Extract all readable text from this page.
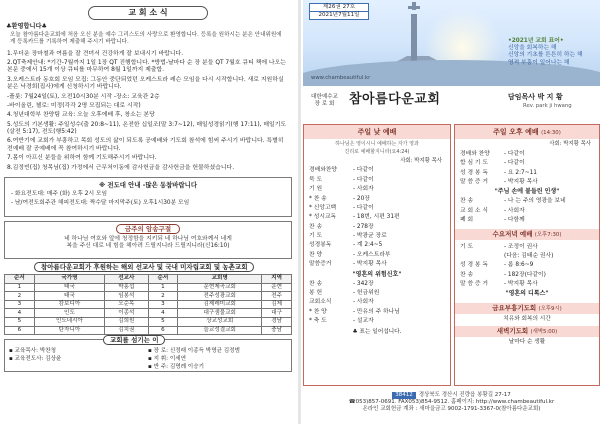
교 회 소 식
♣환영합니다♣
오늘 참아름다운교회에 처음 오신 분을 예수 그리스도의 사랑으로 환영합니다. 등록을 원하시는 분은 안내위원에게 등록카드를 기록하여 제출해 주시기 바랍니다.
1.무더운 장마철과 여름을 잘 견뎌서 건강하게 잘 보내시기 바랍니다.
2.QT축제안내: *기간-7월까지 1일 1장 QT 진행합니다. *방법-날마다 순 장 분들 QT 7월호 큐티 책에 나오는 본문 중에서 15개 이상 큐티를 마무하여 8월 1일까지 제출합.
3.오케스트라 동호회 모임 모집: 그동안 중단되었던 오케스트라 레슨 모임을 다시 시작합니다. 새로 지원하실 분은 낙경희(집사)에게 신청하시기 바랍니다.
-플룻: 7월24일(토), 오전10시30분 시작 -장소: 교육관 2층
-바이올린, 첼로: 미정(각각 2명 모집되는 대로 시작)
4.청년대학부 찬양팀 교육: 오늘 오후에배 후, 창소는 본당
5.성도의 기본생활: 주일성수(출 20:8~11), 온전한 십일조(말 3:7~12), 매일성경읽기(행 17:11), 매일기도(살전 5:17), 전도(행5:42)
6.여반기에 교회가 부흥하고 목회 성도의 삶이 되도록 공예배와 기도회 참석에 힘써 주시기 바랍니다. 특별히 전예배 잘 공예배에 꼭 참여하시기 바랍니다.
7.몸이 아프신 분들을 위하여 함께 기도해주시기 바랍니다.
8.김정빈(집) 청목님(집) 가정에서 근무처이동에 감사헌금을 감사헌금을 헌물하셨습니다.
※ 전도대 안내 -많은 동참바랍니다
- 화요전도대: 매주 (화) 오후 2시 모임
- 남/여전도회주관 해피전도대: 짝수달 마지막주(토) 오후1시30분 모임
금주의 암송구절

네 하나님 여호와 앞에 청정함을 지키되 네 하나님 여호와께서 네게

복을 주신 대로 네 힘을 헤아려 드릴지니라 드릴지니라(신16:10)

참아름다운교회가 후원하는 해외 선교사 및 국내 미자립교회 및 농촌교회
순서	국가명	선교사	순서	교회명	지역
1	태국	박홍섭	1	운현제곡교회	운현
2	태국	임봉석	2	전주성광교회	전주
3	캄보디아	오순목	3	김제레미교회	김제
4	인도	이종석	4	대구샘물교회	대구
5	인도네시아	김희원	5	상교성교회	경남
6	탄자니아	김치권	6	늘교성결교회	충남
교회를 섬기는 이
▪ 교육목사: 박찬청
▪ 교육전도사: 김상윤
▪ 장 로: 신정래 이종득 박명균 김정범
▪ 지 휘: 이세연
▪ 반 주: 김명례 이승기
제26권 27호
2021년7월11일
•2021년 교회 표어•
신앙을 회복하는 해
신앙의 기초를 튼튼히 하는 해
영적 부흥이 일어나는 해
www.chambeautiful.kr
대한예수교
장 로 회 참아름다운교회	담임목사 박 지 황
Rev. park ji hwang
주일 낮 예배
하나님은 영이시니 예배하는 자가 영과
진리로 예배할지니라(요4:24)
사회: 박지황 목사
경배와찬양	- 다같이
묵 도	- 다같이
기 원	- 사회자
* 찬 송	- 20장
* 신앙고백	- 다같이
* 성시교독	- 18번, 시편 31편
찬 송	- 278장
기 도	- 박광균 장로
성경봉독	- 계 2:4~5
찬 양	- 오케스트라부
말씀증거	- 박지황 목사
"영혼의 위험신호"
찬 송	- 342장
봉 헌	- 헌금위원
교회소식	- 사회자
* 찬 양	- 만유의 주 하나님
* 축 도	- 설교자
♣ 표는 일어섭니다.
주일 오후 예배 (14:30)
사회: 박지황 목사
경배와 찬양	- 다같이
합 심 기 도	- 다같이
성 경 봉 독	- 요 2:7~11
말 씀 증 거	- 박지황 목사
"주님 손에 붙들린 인생"
찬 송	- 나 는 주의 영광을 보네
교 회 소 식	- 사회자
폐 회	- 다함께
수요저녁 예배 (오후7:30)
기 도	- 조정이 권사
(다음: 김태순 권사)
성 경 봉 독	- 롬 8:6~9
찬 송	- 182장(다같이)
말 씀 증 거	- 박지황 목사
"영혼의 디톡스"
금요부흥기도회 (오후9시)
치유와 회복의 시간
새벽기도회 (새벽5:00)
날마다 순 생활
38412 경상북도 경산시 진량읍 봉황길 27-17
☎053)857-0691. FAX053)854-9512. 홈페이지: http://www.chambeautiful.kr
온라인 교회헌금 계좌 : 새마을금고 9002-1791-3367-0(참아름다운교회)
